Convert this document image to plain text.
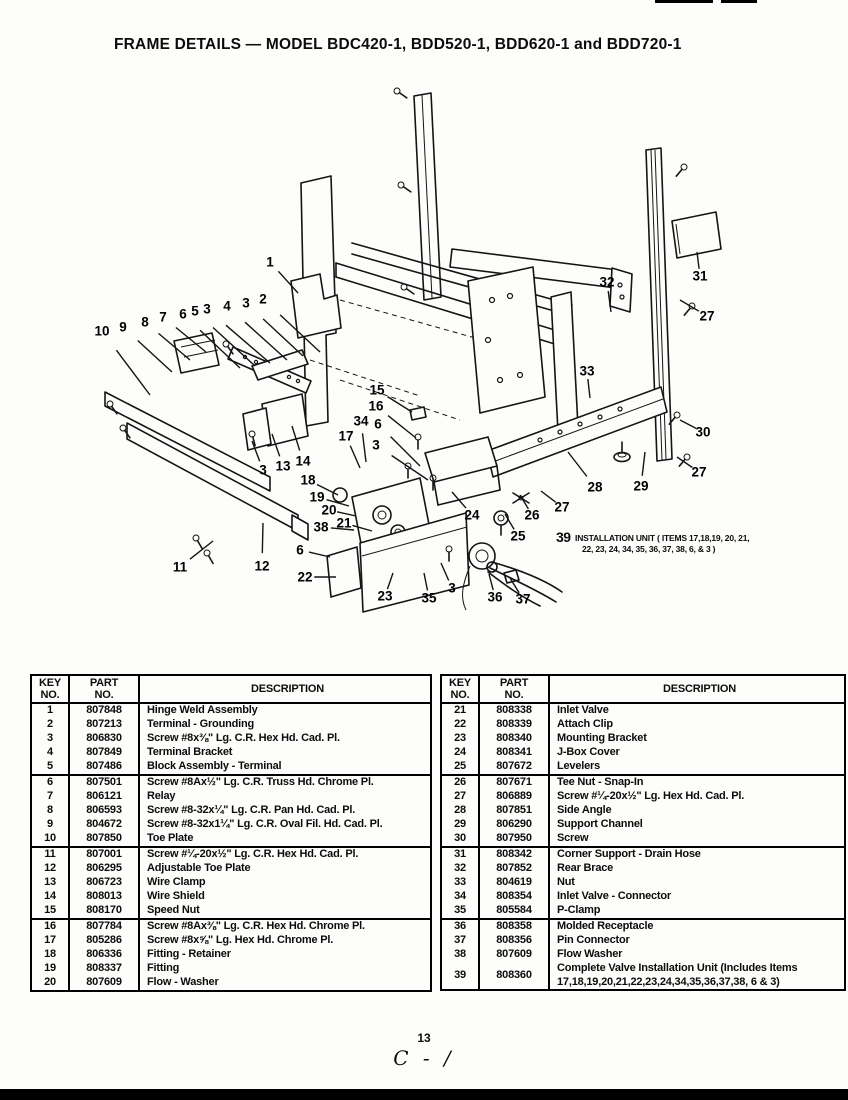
FRAME DETAILS — MODEL BDC420-1, BDD520-1, BDD620-1 and BDD720-1
1
2
3
4
3
5
6
7
8
9
10
11	12
3 13 14
15
16
34 6
3
17
18
19
20
38 21
6
22
23 35
3
36 37
24	26
25
27
32	31
27
33
30
27
28 29
39 INSTALLATION UNIT ( ITEMS 17,18,19, 20, 21,
22, 23, 24, 34, 35, 36, 37, 38, 6, & 3 )
KEY
NO.	PART
NO.	DESCRIPTION
1	807848	Hinge Weld Assembly
2	807213	Terminal - Grounding
3	806830	Screw #8x⅜" Lg. C.R. Hex Hd. Cad. Pl.
4	807849	Terminal Bracket
5	807486	Block Assembly - Terminal
6	807501	Screw #8Ax½" Lg. C.R. Truss Hd. Chrome Pl.
7	806121	Relay
8	806593	Screw #8-32x¼" Lg. C.R. Pan Hd. Cad. Pl.
9	804672	Screw #8-32x1¼" Lg. C.R. Oval Fil. Hd. Cad. Pl.
10	807850	Toe Plate
11	807001	Screw #¼-20x½" Lg. C.R. Hex Hd. Cad. Pl.
12	806295	Adjustable Toe Plate
13	806723	Wire Clamp
14	808013	Wire Shield
15	808170	Speed Nut
16	807784	Screw #8Ax⅜" Lg. C.R. Hex Hd. Chrome Pl.
17	805286	Screw #8x⅝" Lg. Hex Hd. Chrome Pl.
18	806336	Fitting - Retainer
19	808337	Fitting
20	807609	Flow - Washer
KEY
NO.	PART
NO.	DESCRIPTION
21	808338	Inlet Valve
22	808339	Attach Clip
23	808340	Mounting Bracket
24	808341	J-Box Cover
25	807672	Levelers
26	807671	Tee Nut - Snap-In
27	806889	Screw #¼-20x½" Lg. Hex Hd. Cad. Pl.
28	807851	Side Angle
29	806290	Support Channel
30	807950	Screw
31	808342	Corner Support - Drain Hose
32	807852	Rear Brace
33	804619	Nut
34	808354	Inlet Valve - Connector
35	805584	P-Clamp
36	808358	Molded Receptacle
37	808356	Pin Connector
38	807609	Flow Washer
39	808360	Complete Valve Installation Unit (Includes Items 17,18,19,20,21,22,23,24,34,35,36,37,38, 6 & 3)
13
C - /
